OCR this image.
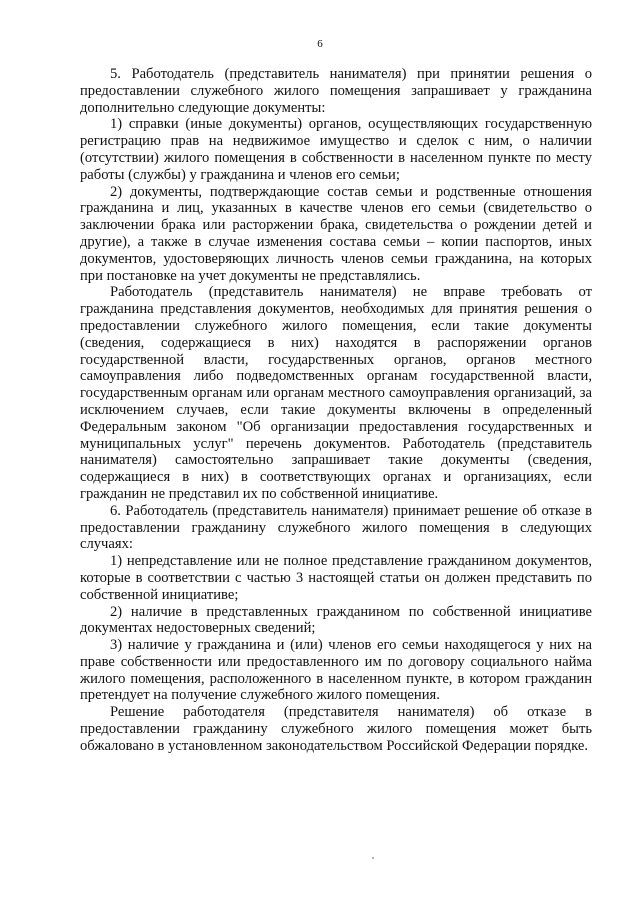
6

5. Работодатель (представитель нанимателя) при принятии решения о предоставлении служебного жилого помещения запрашивает у гражданина дополнительно следующие документы:

1) справки (иные документы) органов, осуществляющих государственную регистрацию прав на недвижимое имущество и сделок с ним, о наличии (отсутствии) жилого помещения в собственности в населенном пункте по месту работы (службы) у гражданина и членов его семьи;

2) документы, подтверждающие состав семьи и родственные отношения гражданина и лиц, указанных в качестве членов его семьи (свидетельство о заключении брака или расторжении брака, свидетельства о рождении детей и другие), а также в случае изменения состава семьи – копии паспортов, иных документов, удостоверяющих личность членов семьи гражданина, на которых при постановке на учет документы не представлялись.

Работодатель (представитель нанимателя) не вправе требовать от гражданина представления документов, необходимых для принятия решения о предоставлении служебного жилого помещения, если такие документы (сведения, содержащиеся в них) находятся в распоряжении органов государственной власти, государственных органов, органов местного самоуправления либо подведомственных органам государственной власти, государственным органам или органам местного самоуправления организаций, за исключением случаев, если такие документы включены в определенный Федеральным законом "Об организации предоставления государственных и муниципальных услуг" перечень документов. Работодатель (представитель нанимателя) самостоятельно запрашивает такие документы (сведения, содержащиеся в них) в соответствующих органах и организациях, если гражданин не представил их по собственной инициативе.

6. Работодатель (представитель нанимателя) принимает решение об отказе в предоставлении гражданину служебного жилого помещения в следующих случаях:

1) непредставление или не полное представление гражданином документов, которые в соответствии с частью 3 настоящей статьи он должен представить по собственной инициативе;

2) наличие в представленных гражданином по собственной инициативе документах недостоверных сведений;

3) наличие у гражданина и (или) членов его семьи находящегося у них на праве собственности или предоставленного им по договору социального найма жилого помещения, расположенного в населенном пункте, в котором гражданин претендует на получение служебного жилого помещения.

Решение работодателя (представителя нанимателя) об отказе в предоставлении гражданину служебного жилого помещения может быть обжаловано в установленном законодательством Российской Федерации порядке.
